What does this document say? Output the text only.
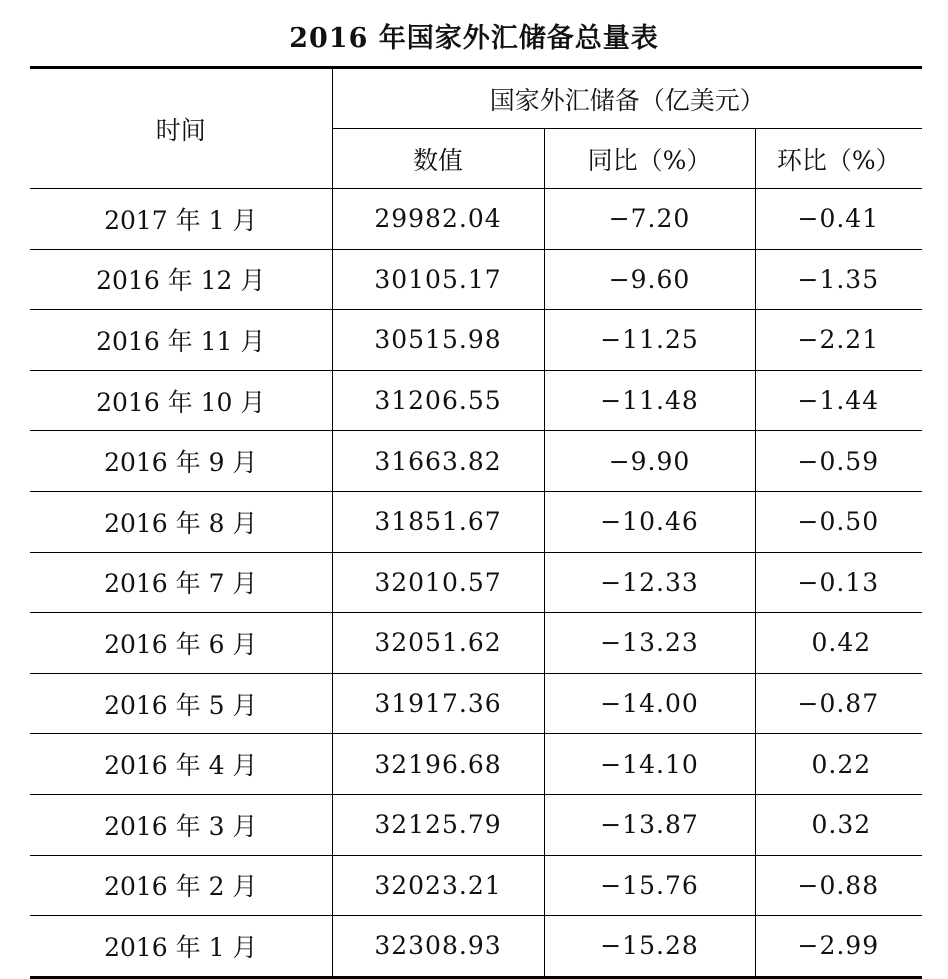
2016 年国家外汇储备总量表
时间	国家外汇储备（亿美元）		
	数值	同比（%）	环比（%）
2017 年 1 月	29982.04	−7.20	−0.41
2016 年 12 月	30105.17	−9.60	−1.35
2016 年 11 月	30515.98	−11.25	−2.21
2016 年 10 月	31206.55	−11.48	−1.44
2016 年 9 月	31663.82	−9.90	−0.59
2016 年 8 月	31851.67	−10.46	−0.50
2016 年 7 月	32010.57	−12.33	−0.13
2016 年 6 月	32051.62	−13.23	0.42
2016 年 5 月	31917.36	−14.00	−0.87
2016 年 4 月	32196.68	−14.10	0.22
2016 年 3 月	32125.79	−13.87	0.32
2016 年 2 月	32023.21	−15.76	−0.88
2016 年 1 月	32308.93	−15.28	−2.99
